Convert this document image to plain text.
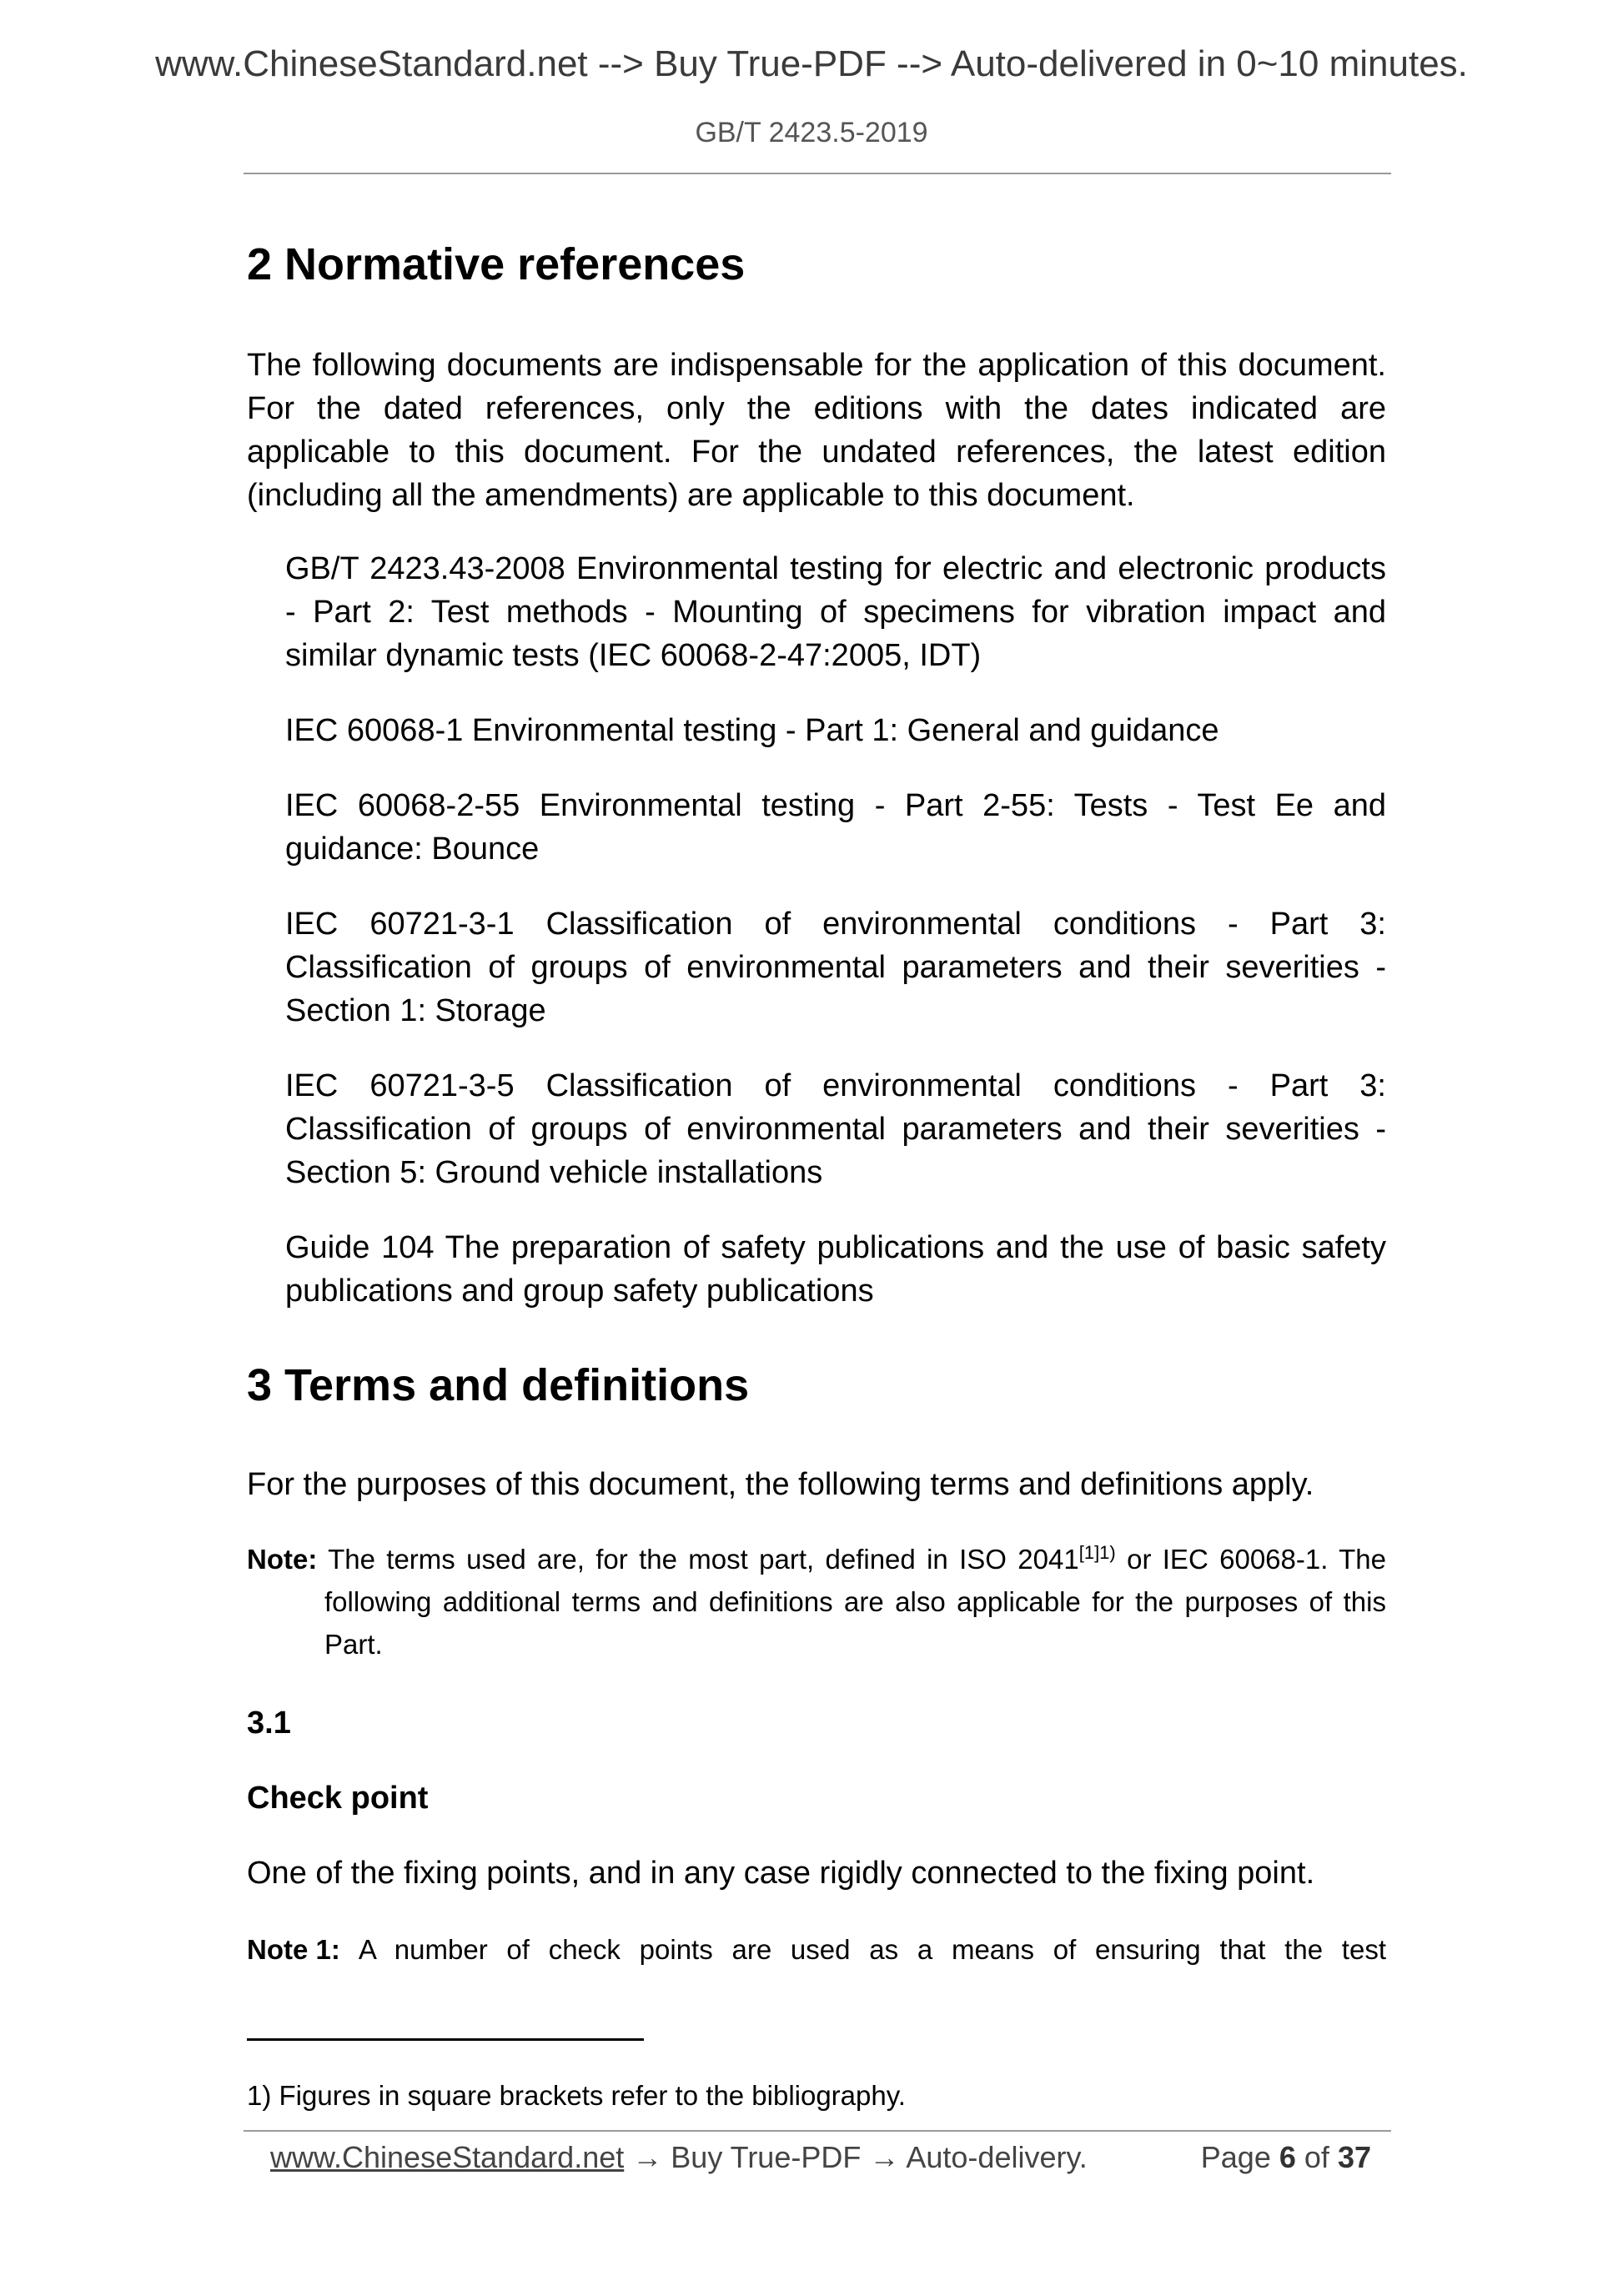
www.ChineseStandard.net --> Buy True-PDF --> Auto-delivered in 0~10 minutes.
GB/T 2423.5-2019
2 Normative references

The following documents are indispensable for the application of this document. For the dated references, only the editions with the dates indicated are applicable to this document. For the undated references, the latest edition (including all the amendments) are applicable to this document.

GB/T 2423.43-2008 Environmental testing for electric and electronic products - Part 2: Test methods - Mounting of specimens for vibration impact and similar dynamic tests (IEC 60068-2-47:2005, IDT)

IEC 60068-1 Environmental testing - Part 1: General and guidance

IEC 60068-2-55 Environmental testing - Part 2-55: Tests - Test Ee and guidance: Bounce

IEC 60721-3-1 Classification of environmental conditions - Part 3: Classification of groups of environmental parameters and their severities - Section 1: Storage

IEC 60721-3-5 Classification of environmental conditions - Part 3: Classification of groups of environmental parameters and their severities - Section 5: Ground vehicle installations

Guide 104 The preparation of safety publications and the use of basic safety publications and group safety publications

3 Terms and definitions

For the purposes of this document, the following terms and definitions apply.

Note: The terms used are, for the most part, defined in ISO $2041^{[1]1)}$ or IEC 60068-1. The following additional terms and definitions are also applicable for the purposes of this Part.
3.1
Check point
One of the fixing points, and in any case rigidly connected to the fixing point.
Note 1: A number of check points are used as a means of ensuring that the test
1) Figures in square brackets refer to the bibliography.
www.ChineseStandard.net → Buy True-PDF → Auto-delivery.	Page 6 of 37
